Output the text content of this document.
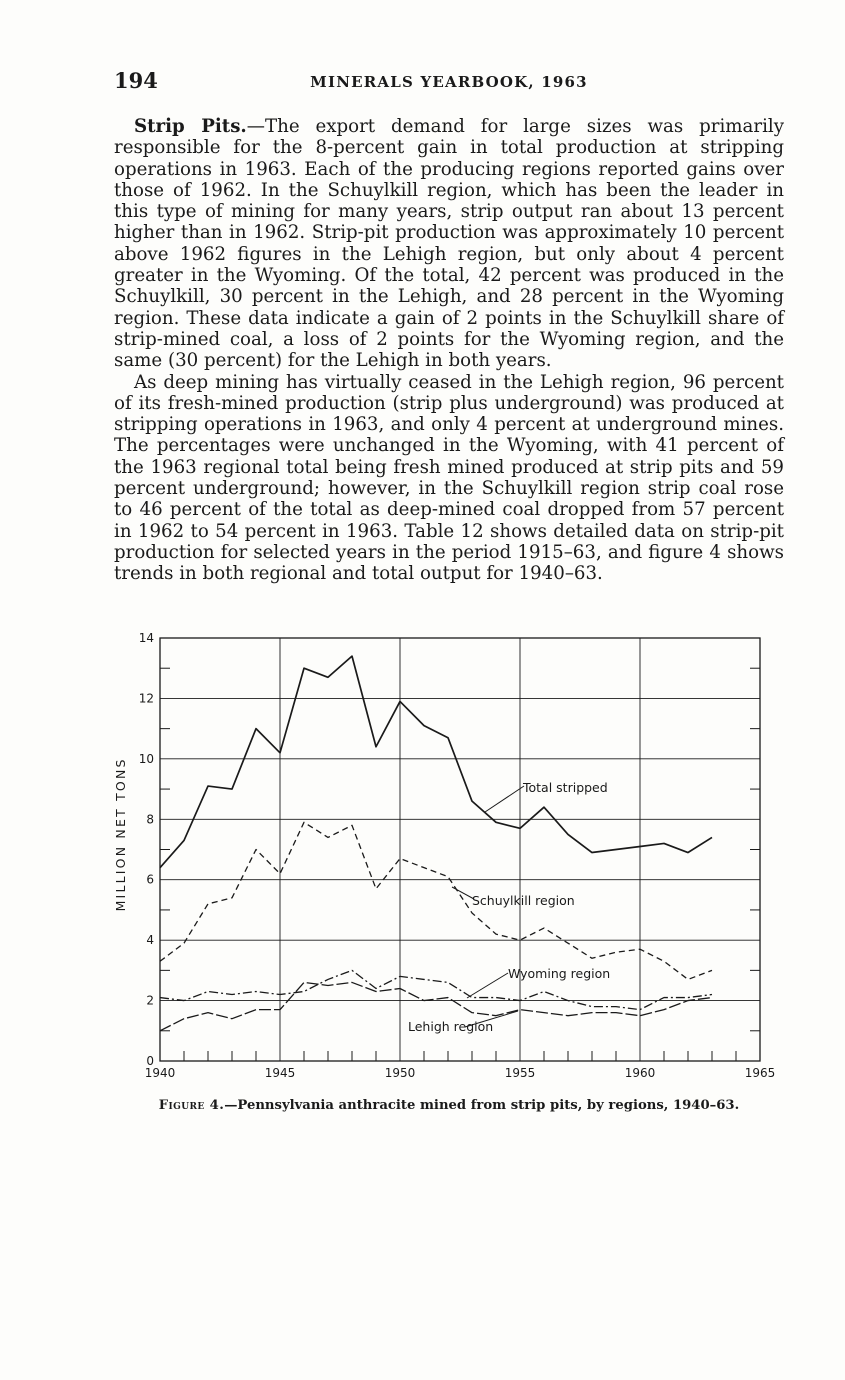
194	MINERALS YEARBOOK, 1963

Strip Pits.—The export demand for large sizes was primarily responsible for the 8-percent gain in total production at stripping operations in 1963. Each of the producing regions reported gains over those of 1962. In the Schuylkill region, which has been the leader in this type of mining for many years, strip output ran about 13 percent higher than in 1962. Strip-pit production was approximately 10 percent above 1962 figures in the Lehigh region, but only about 4 percent greater in the Wyoming. Of the total, 42 percent was produced in the Schuylkill, 30 percent in the Lehigh, and 28 percent in the Wyoming region. These data indicate a gain of 2 points in the Schuylkill share of strip-mined coal, a loss of 2 points for the Wyoming region, and the same (30 percent) for the Lehigh in both years.

As deep mining has virtually ceased in the Lehigh region, 96 percent of its fresh-mined production (strip plus underground) was produced at stripping operations in 1963, and only 4 percent at underground mines. The percentages were unchanged in the Wyoming, with 41 percent of the 1963 regional total being fresh mined produced at strip pits and 59 percent underground; however, in the Schuylkill region strip coal rose to 46 percent of the total as deep-mined coal dropped from 57 percent in 1962 to 54 percent in 1963. Table 12 shows detailed data on strip-pit production for selected years in the period 1915–63, and figure 4 shows trends in both regional and total output for 1940–63.

0
2
4
6
8
10
12
14
1940	1945	1950	1955	1960	1965
MILLION NET TONS	Total stripped
Schuylkill region
Wyoming region
Lehigh region
Figure 4.—Pennsylvania anthracite mined from strip pits, by regions, 1940–63.
